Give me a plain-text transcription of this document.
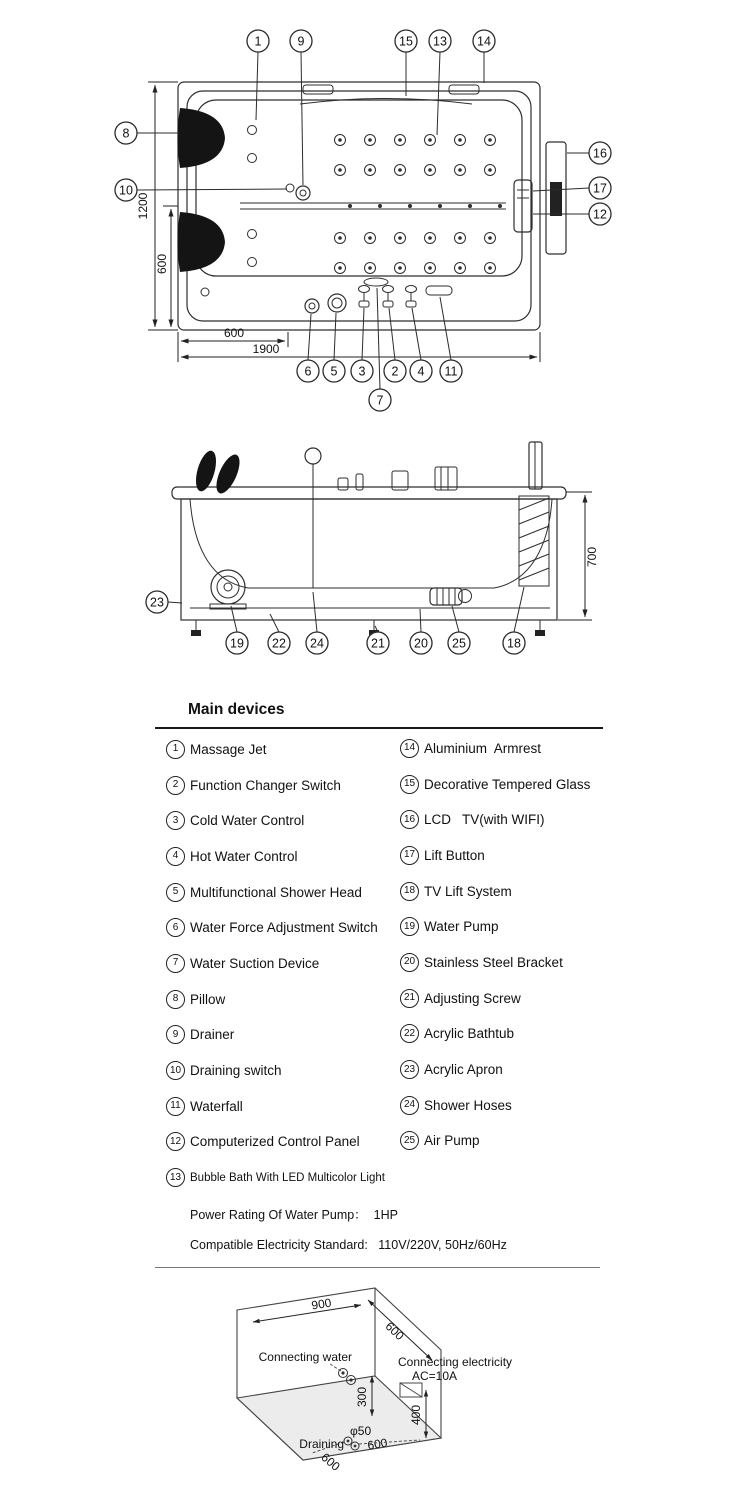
1200
600
600
1900
1	9	15 13 14
8
10
16
17
12
6 5 3 2 4 11
7
700
23
19 22 24	21 20 25	18
Main devices
1 Massage Jet
2 Function Changer Switch
3 Cold Water Control
4 Hot Water Control
5 Multifunctional Shower Head
6 Water Force Adjustment Switch
7 Water Suction Device
8 Pillow
9 Drainer
10 Draining switch
11 Waterfall
12 Computerized Control Panel
13 Bubble Bath With LED Multicolor Light
14 Aluminium  Armrest
15 Decorative Tempered Glass
16 LCD   TV(with WIFI)
17 Lift Button
18 TV Lift System
19 Water Pump
20 Stainless Steel Bracket
21 Adjusting Screw
22 Acrylic Bathtub
23 Acrylic Apron
24 Shower Hoses
25 Air Pump
Power Rating Of Water Pump：  1HP
Compatible Electricity Standard:   110V/220V, 50Hz/60Hz
900
600
300
400
600
600
Connecting water	Connecting electricity
AC=10A
Draining
φ50
